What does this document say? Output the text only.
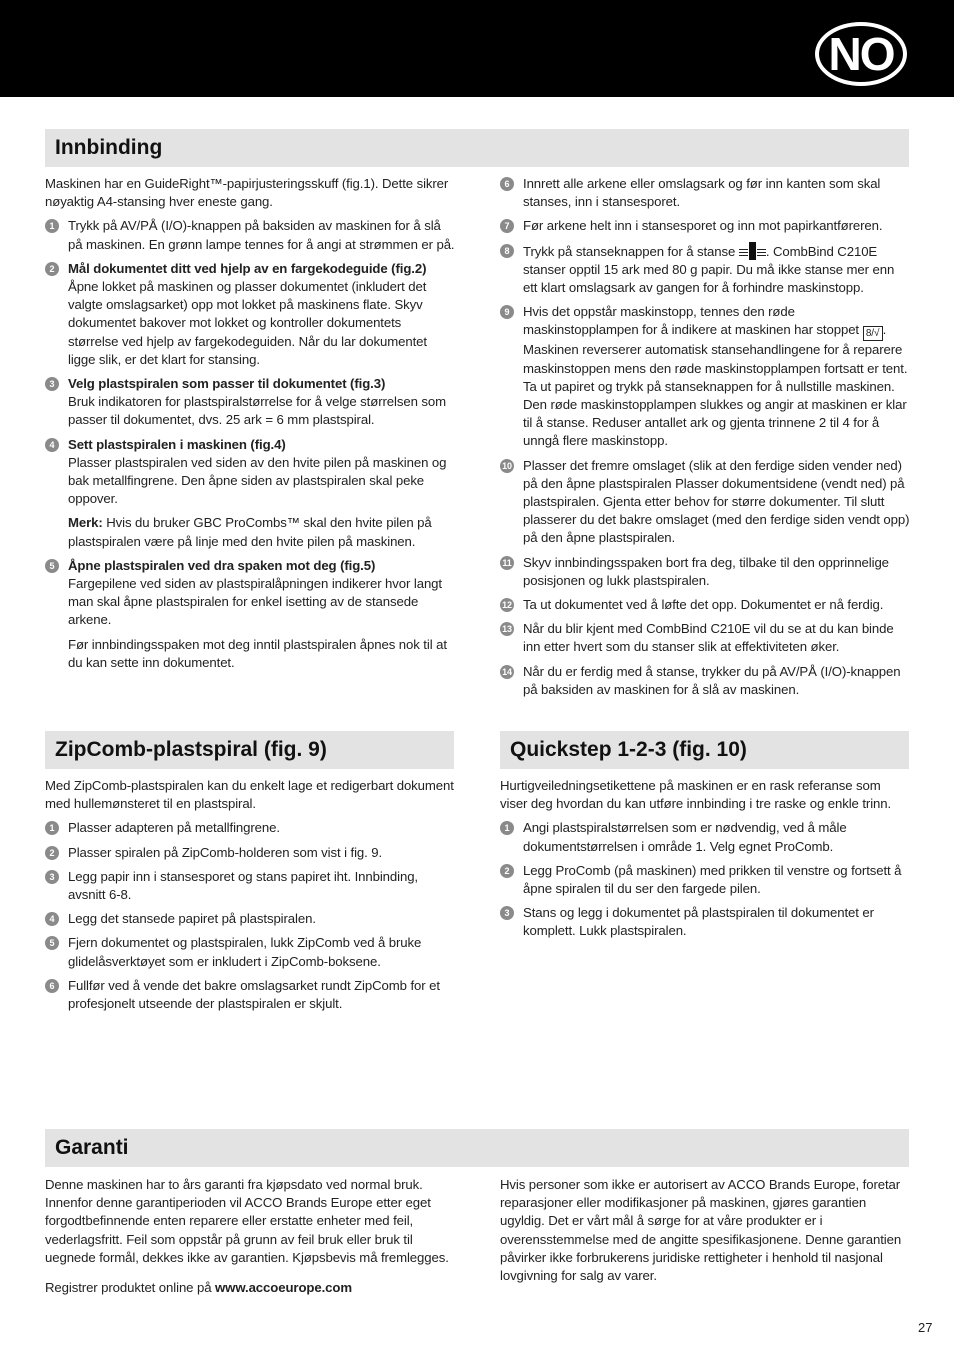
NO
Innbinding

Maskinen har en GuideRight™-papirjusteringsskuff (fig.1). Dette sikrer nøyaktig A4-stansing hver eneste gang.

1	Trykk på AV/PÅ (I/O)-knappen på baksiden av maskinen for å slå på maskinen. En grønn lampe tennes for å angi at strømmen er på.
2	Mål dokumentet ditt ved hjelp av en fargekodeguide (fig.2)
Åpne lokket på maskinen og plasser dokumentet (inkludert det valgte omslagsarket) opp mot lokket på maskinens flate. Skyv dokumentet bakover mot lokket og kontroller dokumentets størrelse ved hjelp av fargekodeguiden. Når du lar dokumentet ligge slik, er det klart for stansing.
3	Velg plastspiralen som passer til dokumentet (fig.3)
Bruk indikatoren for plastspiralstørrelse for å velge størrelsen som passer til dokumentet, dvs. 25 ark = 6 mm plastspiral.
4	Sett plastspiralen i maskinen (fig.4)
Plasser plastspiralen ved siden av den hvite pilen på maskinen og bak metallfingrene. Den åpne siden av plastspiralen skal peke oppover.
Merk: Hvis du bruker GBC ProCombs™ skal den hvite pilen på plastspiralen være på linje med den hvite pilen på maskinen.
5	Åpne plastspiralen ved dra spaken mot deg (fig.5)
Fargepilene ved siden av plastspiralåpningen indikerer hvor langt man skal åpne plastspiralen for enkel isetting av de stansede arkene.
Før innbindingsspaken mot deg inntil plastspiralen åpnes nok til at du kan sette inn dokumentet.
6	Innrett alle arkene eller omslagsark og før inn kanten som skal stanses, inn i stansesporet.
7	Før arkene helt inn i stansesporet og inn mot papirkantføreren.
8	Trykk på stanseknappen for å stanse . CombBind C210E stanser opptil 15 ark med 80 g papir. Du må ikke stanse mer enn ett klart omslagsark av gangen for å forhindre maskinstopp.
9	Hvis det oppstår maskinstopp, tennes den røde maskinstopplampen for å indikere at maskinen har stoppet 8/√ . Maskinen reverserer automatisk stansehandlingene for å reparere maskinstoppen mens den røde maskinstopplampen fortsatt er tent. Ta ut papiret og trykk på stanseknappen for å nullstille maskinen. Den røde maskinstopplampen slukkes og angir at maskinen er klar til å stanse. Reduser antallet ark og gjenta trinnene 2 til 4 for å unngå flere maskinstopp.
10 Plasser det fremre omslaget (slik at den ferdige siden vender ned) på den åpne plastspiralen Plasser dokumentsidene (vendt ned) på plastspiralen. Gjenta etter behov for større dokumenter. Til slutt plasserer du det bakre omslaget (med den ferdige siden vendt opp) på den åpne plastspiralen.
11 Skyv innbindingsspaken bort fra deg, tilbake til den opprinnelige posisjonen og lukk plastspiralen.
12 Ta ut dokumentet ved å løfte det opp. Dokumentet er nå ferdig.
13 Når du blir kjent med CombBind C210E vil du se at du kan binde inn etter hvert som du stanser slik at effektiviteten øker.
14 Når du er ferdig med å stanse, trykker du på AV/PÅ (I/O)-knappen på baksiden av maskinen for å slå av maskinen.
ZipComb-plastspiral (fig. 9)

Med ZipComb-plastspiralen kan du enkelt lage et redigerbart dokument med hullemønsteret til en plastspiral.

1	Plasser adapteren på metallfingrene.
2	Plasser spiralen på ZipComb-holderen som vist i fig. 9.
3	Legg papir inn i stansesporet og stans papiret iht. Innbinding, avsnitt 6-8.
4	Legg det stansede papiret på plastspiralen.
5	Fjern dokumentet og plastspiralen, lukk ZipComb ved å bruke glidelåsverktøyet som er inkludert i ZipComb-boksene.
6	Fullfør ved å vende det bakre omslagsarket rundt ZipComb for et profesjonelt utseende der plastspiralen er skjult.
Quickstep 1-2-3 (fig. 10)

Hurtigveiledningsetikettene på maskinen er en rask referanse som viser deg hvordan du kan utføre innbinding i tre raske og enkle trinn.

1	Angi plastspiralstørrelsen som er nødvendig, ved å måle dokumentstørrelsen i område 1. Velg egnet ProComb.
2	Legg ProComb (på maskinen) med prikken til venstre og fortsett å åpne spiralen til du ser den fargede pilen.
3	Stans og legg i dokumentet på plastspiralen til dokumentet er komplett. Lukk plastspiralen.
Garanti

Denne maskinen har to års garanti fra kjøpsdato ved normal bruk. Innenfor denne garantiperioden vil ACCO Brands Europe etter eget forgodtbefinnende enten reparere eller erstatte enheter med feil, vederlagsfritt. Feil som oppstår på grunn av feil bruk eller bruk til uegnede formål, dekkes ikke av garantien. Kjøpsbevis må fremlegges.

Registrer produktet online på www.accoeurope.com

Hvis personer som ikke er autorisert av ACCO Brands Europe, foretar reparasjoner eller modifikasjoner på maskinen, gjøres garantien ugyldig. Det er vårt mål å sørge for at våre produkter er i overensstemmelse med de angitte spesifikasjonene. Denne garantien påvirker ikke forbrukerens juridiske rettigheter i henhold til nasjonal lovgivning for salg av varer.

27
